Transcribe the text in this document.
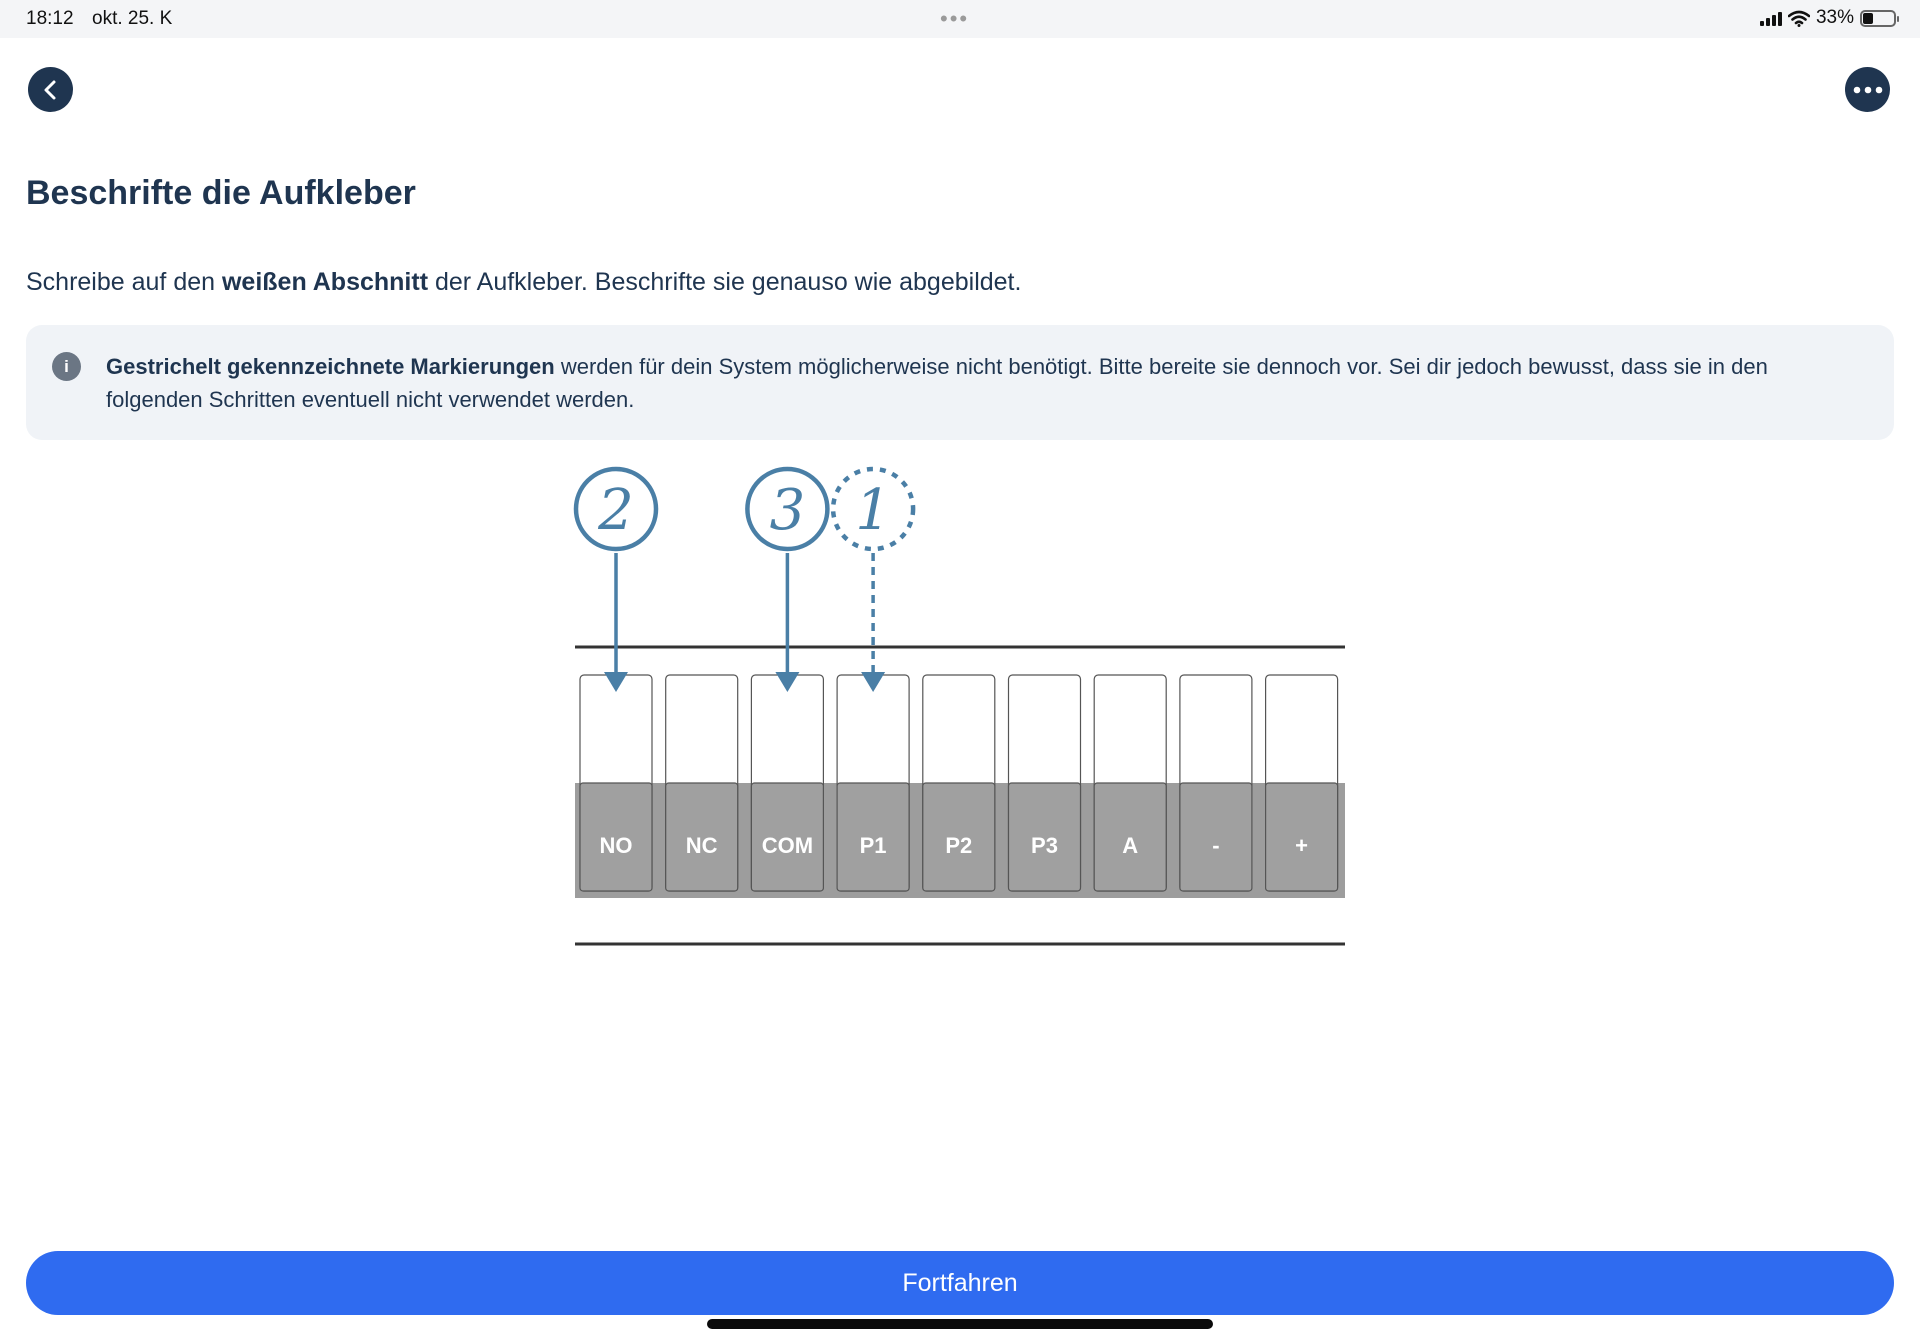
18:12 okt. 25. K	•••	33%
Beschrifte die Aufkleber

Schreibe auf den weißen Abschnitt der Aufkleber. Beschrifte sie genauso wie abgebildet.

i	Gestrichelt gekennzeichnete Markierungen werden für dein System möglicherweise nicht benötigt. Bitte bereite sie dennoch vor. Sei dir jedoch bewusst, dass sie in den folgenden Schritten eventuell nicht verwendet werden.
NO NC COM P1	P2	P3	A	-	+
2 3 1
Fortfahren
